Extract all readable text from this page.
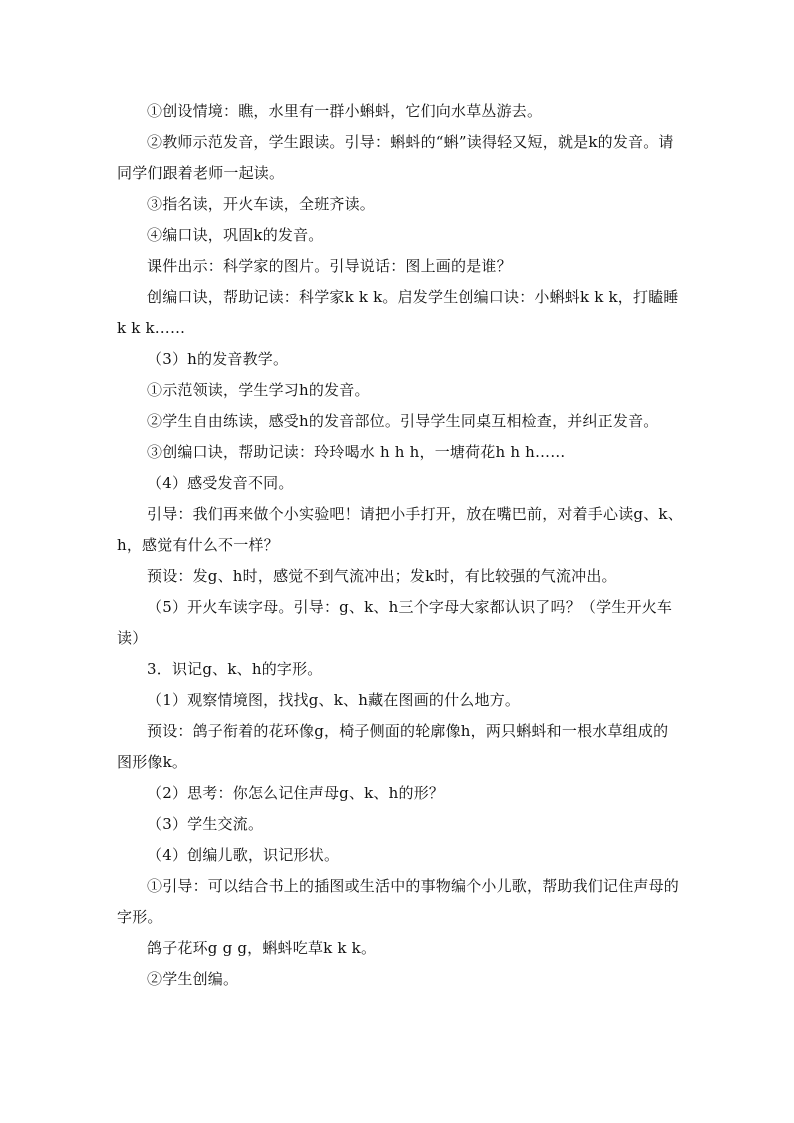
①创设情境：瞧，水里有一群小蝌蚪，它们向水草丛游去。

②教师示范发音，学生跟读。引导：蝌蚪的“蝌”读得轻又短，就是k的发音。请同学们跟着老师一起读。

③指名读，开火车读，全班齐读。

④编口诀，巩固k的发音。

课件出示：科学家的图片。引导说话：图上画的是谁？

创编口诀，帮助记读：科学家k k k。启发学生创编口诀：小蝌蚪k k k，打瞌睡 k k k……

（3）h的发音教学。

①示范领读，学生学习h的发音。

②学生自由练读，感受h的发音部位。引导学生同桌互相检查，并纠正发音。

③创编口诀，帮助记读：玲玲喝水 h h h，一塘荷花h h h……

（4）感受发音不同。

引导：我们再来做个小实验吧！请把小手打开，放在嘴巴前，对着手心读g、k、h，感觉有什么不一样？

预设：发g、h时，感觉不到气流冲出；发k时，有比较强的气流冲出。

（5）开火车读字母。引导：g、k、h三个字母大家都认识了吗？（学生开火车读）

3．识记g、k、h的字形。

（1）观察情境图，找找g、k、h藏在图画的什么地方。

预设：鸽子衔着的花环像g，椅子侧面的轮廓像h，两只蝌蚪和一根水草组成的图形像k。

（2）思考：你怎么记住声母g、k、h的形？

（3）学生交流。

（4）创编儿歌，识记形状。

①引导：可以结合书上的插图或生活中的事物编个小儿歌，帮助我们记住声母的字形。

鸽子花环g g g，蝌蚪吃草k k k。

②学生创编。
